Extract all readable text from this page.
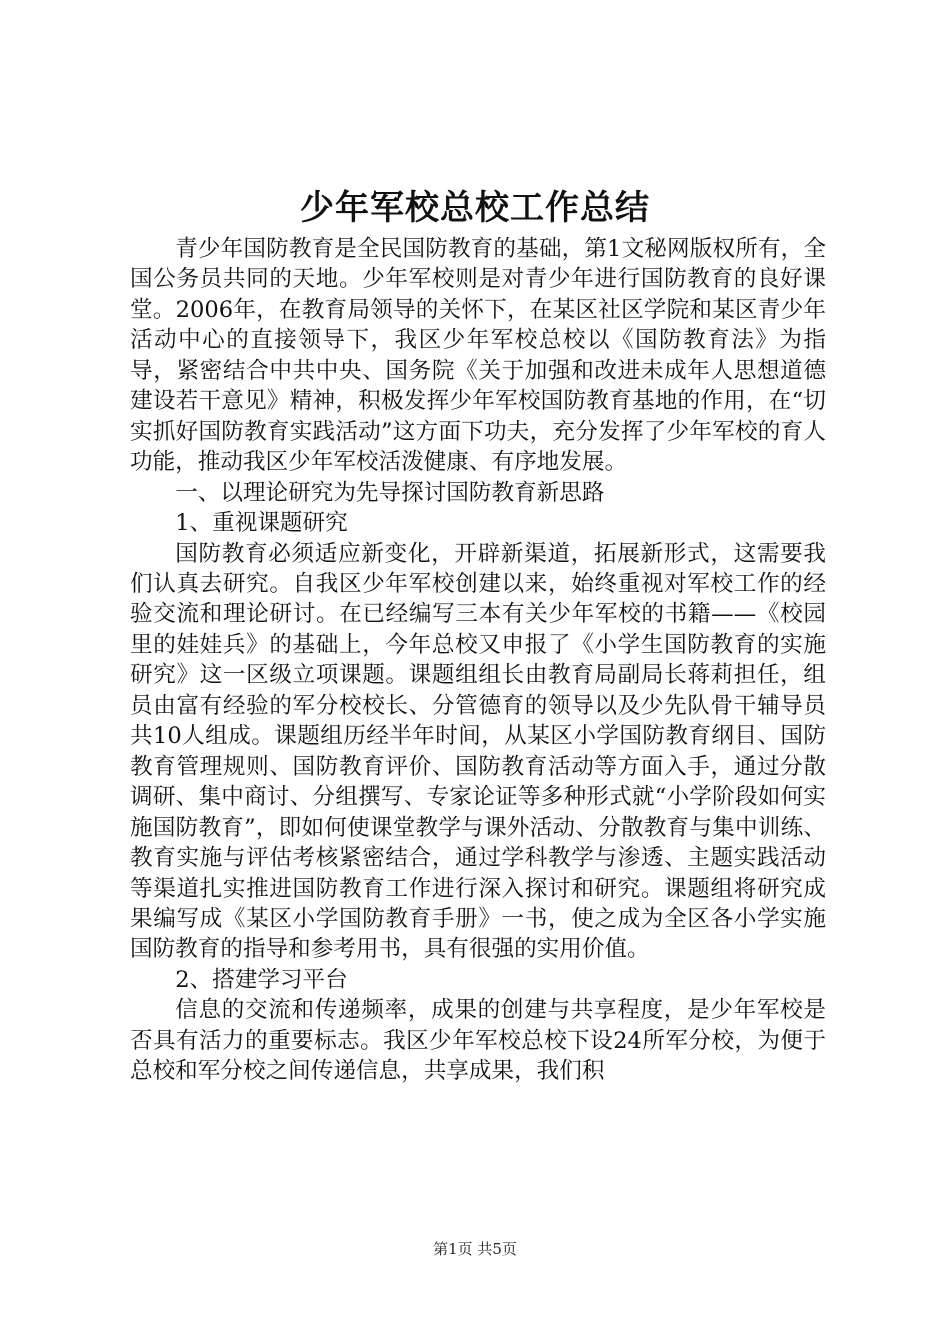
少年军校总校工作总结

青少年国防教育是全民国防教育的基础，第1文秘网版权所有，全国公务员共同的天地。少年军校则是对青少年进行国防教育的良好课堂。2006年，在教育局领导的关怀下，在某区社区学院和某区青少年活动中心的直接领导下，我区少年军校总校以《国防教育法》为指导，紧密结合中共中央、国务院《关于加强和改进未成年人思想道德建设若干意见》精神，积极发挥少年军校国防教育基地的作用，在“切实抓好国防教育实践活动”这方面下功夫，充分发挥了少年军校的育人功能，推动我区少年军校活泼健康、有序地发展。

一、以理论研究为先导探讨国防教育新思路

1、重视课题研究

国防教育必须适应新变化，开辟新渠道，拓展新形式，这需要我们认真去研究。自我区少年军校创建以来，始终重视对军校工作的经验交流和理论研讨。在已经编写三本有关少年军校的书籍——《校园里的娃娃兵》的基础上，今年总校又申报了《小学生国防教育的实施研究》这一区级立项课题。课题组组长由教育局副局长蒋莉担任，组员由富有经验的军分校校长、分管德育的领导以及少先队骨干辅导员共10人组成。课题组历经半年时间，从某区小学国防教育纲目、国防教育管理规则、国防教育评价、国防教育活动等方面入手，通过分散调研、集中商讨、分组撰写、专家论证等多种形式就“小学阶段如何实施国防教育”，即如何使课堂教学与课外活动、分散教育与集中训练、教育实施与评估考核紧密结合，通过学科教学与渗透、主题实践活动等渠道扎实推进国防教育工作进行深入探讨和研究。课题组将研究成果编写成《某区小学国防教育手册》一书，使之成为全区各小学实施国防教育的指导和参考用书，具有很强的实用价值。

2、搭建学习平台

信息的交流和传递频率，成果的创建与共享程度，是少年军校是否具有活力的重要标志。我区少年军校总校下设24所军分校，为便于总校和军分校之间传递信息，共享成果，我们积

第1页 共5页
